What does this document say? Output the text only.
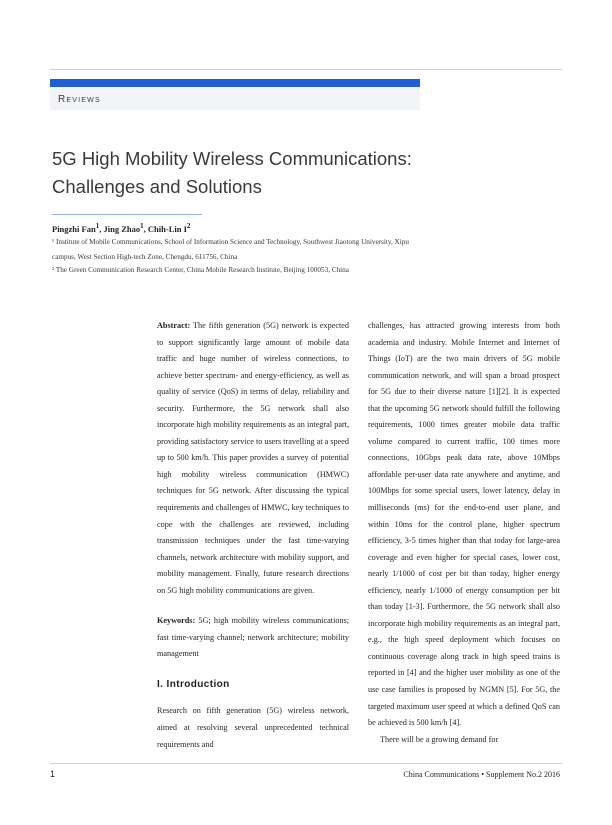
Reviews
5G High Mobility Wireless Communications:
Challenges and Solutions
Pingzhi Fan$^1$, Jing Zhao$^1$, Chih-Lin $I^2$
¹ Institute of Mobile Communications, School of Information Science and Technology, Southwest Jiaotong University, Xipu
campus, West Section High-tech Zone, Chengdu, 611756, China
² The Green Communication Research Center, China Mobile Research Institute, Beijing 100053, China

Abstract: The fifth generation (5G) network is expected to support significantly large amount of mobile data traffic and huge number of wireless connections, to achieve better spectrum- and energy-efficiency, as well as quality of service (QoS) in terms of delay, reliability and security. Furthermore, the 5G network shall also incorporate high mobility requirements as an integral part, providing satisfactory service to users travelling at a speed up to 500 km/h. This paper provides a survey of potential high mobility wireless communication (HMWC) techniques for 5G network. After discussing the typical requirements and challenges of HMWC, key techniques to cope with the challenges are reviewed, including transmission techniques under the fast time-varying channels, network architecture with mobility support, and mobility management. Finally, future research directions on 5G high mobility communications are given.

Keywords: 5G; high mobility wireless communications; fast time-varying channel; network architecture; mobility management

I. Introduction

Research on fifth generation (5G) wireless network, aimed at resolving several unprecedented technical requirements and

challenges, has attracted growing interests from both academia and industry. Mobile Internet and Internet of Things (IoT) are the two main drivers of 5G mobile communication network, and will span a broad prospect for 5G due to their diverse nature [1][2]. It is expected that the upcoming 5G network should fulfill the following requirements, 1000 times greater mobile data traffic volume compared to current traffic, 100 times more connections, 10Gbps peak data rate, above 10Mbps affordable per-user data rate anywhere and anytime, and 100Mbps for some special users, lower latency, delay in milliseconds (ms) for the end-to-end user plane, and within 10ms for the control plane, higher spectrum efficiency, 3-5 times higher than that today for large-area coverage and even higher for special cases, lower cost, nearly 1/1000 of cost per bit than today, higher energy efficiency, nearly 1/1000 of energy consumption per bit than today [1-3]. Furthermore, the 5G network shall also incorporate high mobility requirements as an integral part, e.g., the high speed deployment which focuses on continuous coverage along track in high speed trains is reported in [4] and the higher user mobility as one of the use case families is proposed by NGMN [5]. For 5G, the targeted maximum user speed at which a defined QoS can be achieved is 500 km/h [4].

There will be a growing demand for

1	China Communications • Supplement No.2 2016
